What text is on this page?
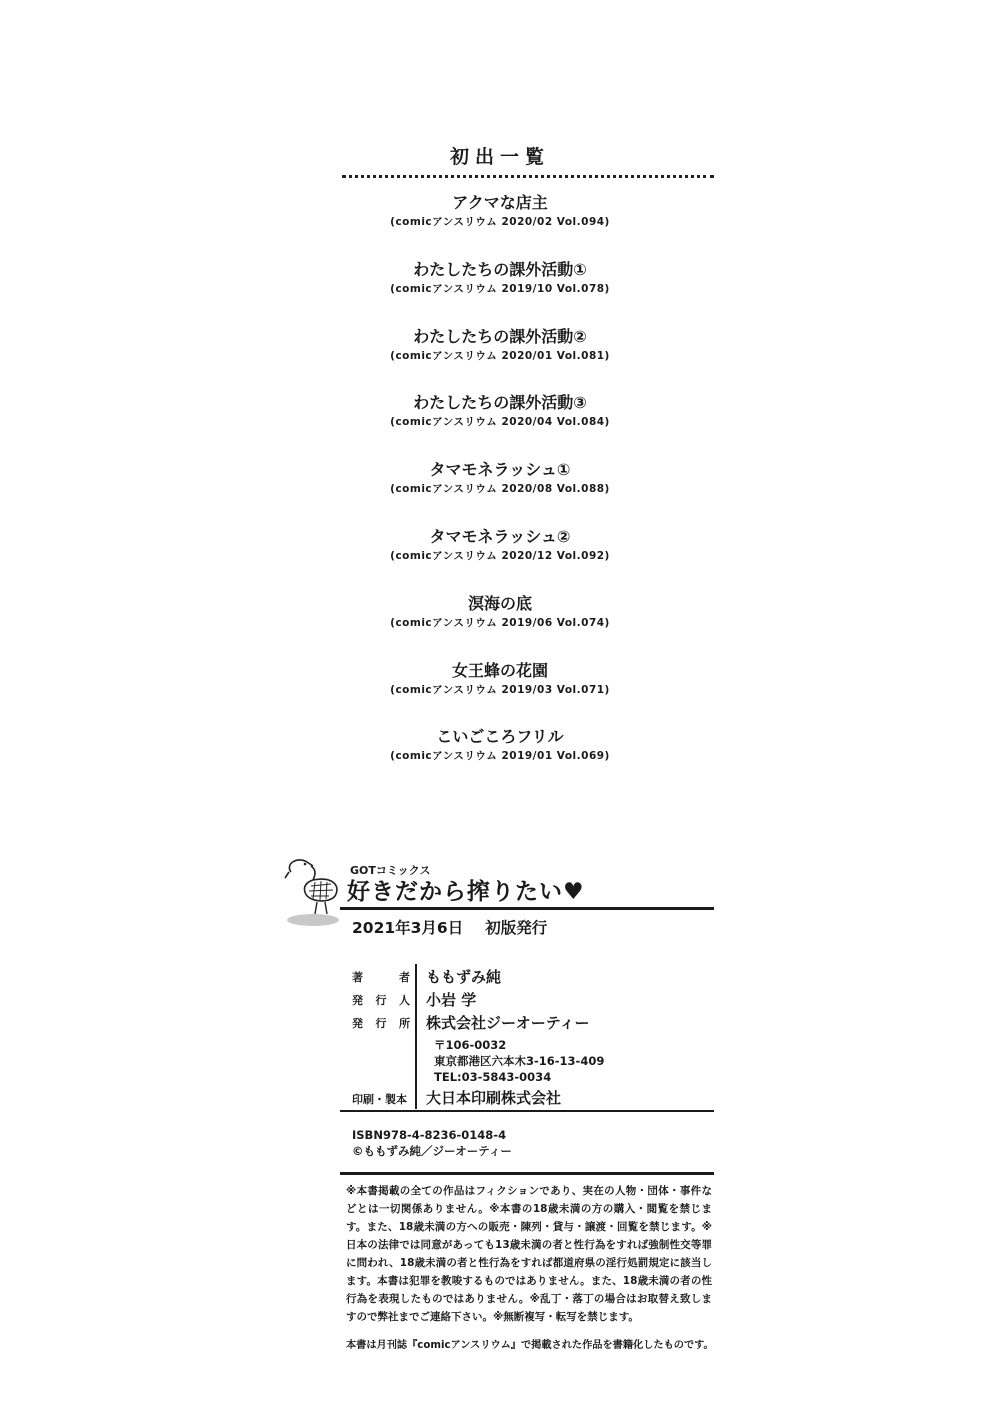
初出一覧
アクマな店主
(comicアンスリウム 2020/02 Vol.094)
わたしたちの課外活動①
(comicアンスリウム 2019/10 Vol.078)
わたしたちの課外活動②
(comicアンスリウム 2020/01 Vol.081)
わたしたちの課外活動③
(comicアンスリウム 2020/04 Vol.084)
タマモネラッシュ①
(comicアンスリウム 2020/08 Vol.088)
タマモネラッシュ②
(comicアンスリウム 2020/12 Vol.092)
溟海の底
(comicアンスリウム 2019/06 Vol.074)
女王蜂の花園
(comicアンスリウム 2019/03 Vol.071)
こいごころフリル
(comicアンスリウム 2019/01 Vol.069)
GOTコミックス
好きだから搾りたい♥
2021年3月6日 初版発行
著者 ももずみ純
発行人 小岩 学
発行所 株式会社ジーオーティー
〒106-0032
東京都港区六本木3-16-13-409
TEL:03-5843-0034
印刷・製本 大日本印刷株式会社
ISBN978-4-8236-0148-4
©ももずみ純／ジーオーティー
※本書掲載の全ての作品はフィクションであり、実在の人物・団体・事件などとは一切関係ありません。※本書の18歳未満の方の購入・閲覧を禁じます。また、18歳未満の方への販売・陳列・貸与・譲渡・回覧を禁じます。※日本の法律では同意があっても13歳未満の者と性行為をすれば強制性交等罪に問われ、18歳未満の者と性行為をすれば都道府県の淫行処罰規定に該当します。本書は犯罪を教唆するものではありません。また、18歳未満の者の性行為を表現したものではありません。※乱丁・落丁の場合はお取替え致しますので弊社までご連絡下さい。※無断複写・転写を禁じます。
本書は月刊誌『comicアンスリウム』で掲載された作品を書籍化したものです。
